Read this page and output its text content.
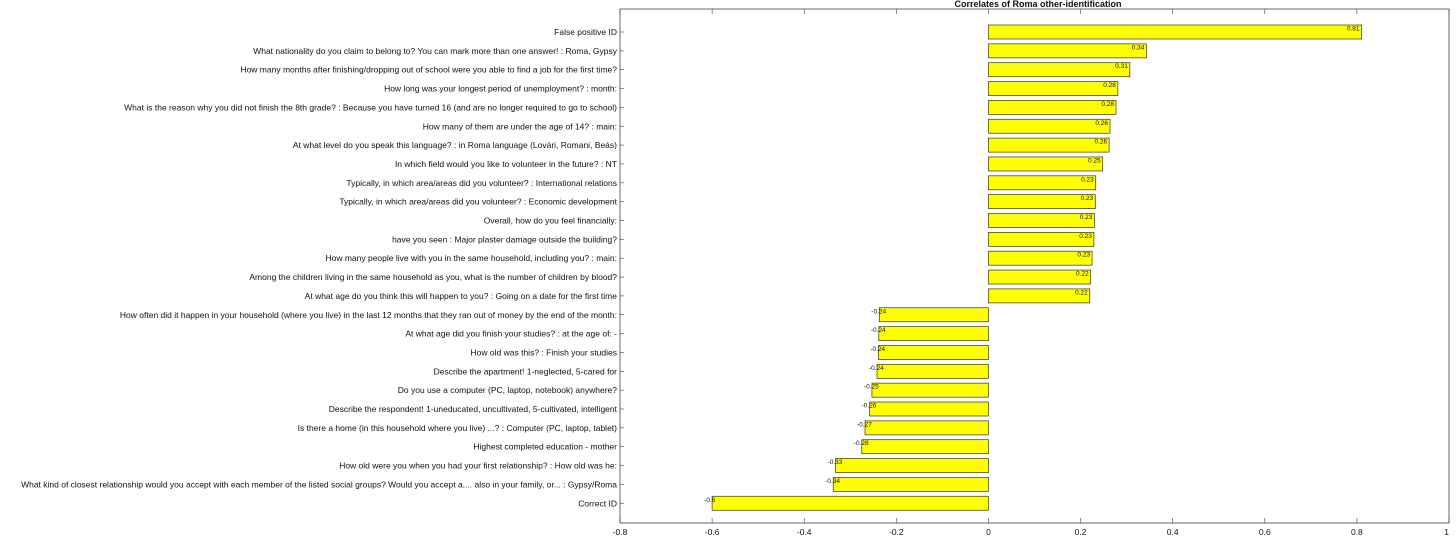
Correlates of Roma other-identification
0.81
0.34
0.31
0.28
0.28
0.26
0.26
0.25
0.23
0.23
0.23
0.23
0.23
0.22
0.22
-0.24
-0.24
-0.24
-0.24
-0.25
-0.26
-0.27
-0.28
-0.33
-0.34
-0.6
False positive ID
What nationality do you claim to belong to? You can mark more than one answer! : Roma, Gypsy
How many months after finishing/dropping out of school were you able to find a job for the first time?
How long was your longest period of unemployment? : month:
What is the reason why you did not finish the 8th grade? : Because you have turned 16 (and are no longer required to go to school)
How many of them are under the age of 14? : main:
At what level do you speak this language? : in Roma language (Lovári, Romani, Beás)
In which field would you like to volunteer in the future? : NT
Typically, in which area/areas did you volunteer? : International relations
Typically, in which area/areas did you volunteer? : Economic development
Overall, how do you feel financially:
have you seen : Major plaster damage outside the building?
How many people live with you in the same household, including you? : main:
Among the children living in the same household as you, what is the number of children by blood?
At what age do you think this will happen to you? : Going on a date for the first time
How often did it happen in your household (where you live) in the last 12 months that they ran out of money by the end of the month:
At what age did you finish your studies? : at the age of: -
How old was this? : Finish your studies
Describe the apartment! 1-neglected, 5-cared for
Do you use a computer (PC, laptop, notebook) anywhere?
Describe the respondent! 1-uneducated, uncultivated, 5-cultivated, intelligent
Is there a home (in this household where you live) ...? : Computer (PC, laptop, tablet)
Highest completed education - mother
How old were you when you had your first relationship? : How old was he:
What kind of closest relationship would you accept with each member of the listed social groups? Would you accept a.... also in your family, or... : Gypsy/Roma
Correct ID
-0.8	-0.6	-0.4	-0.2	0	0.2	0.4	0.6	0.8	1
